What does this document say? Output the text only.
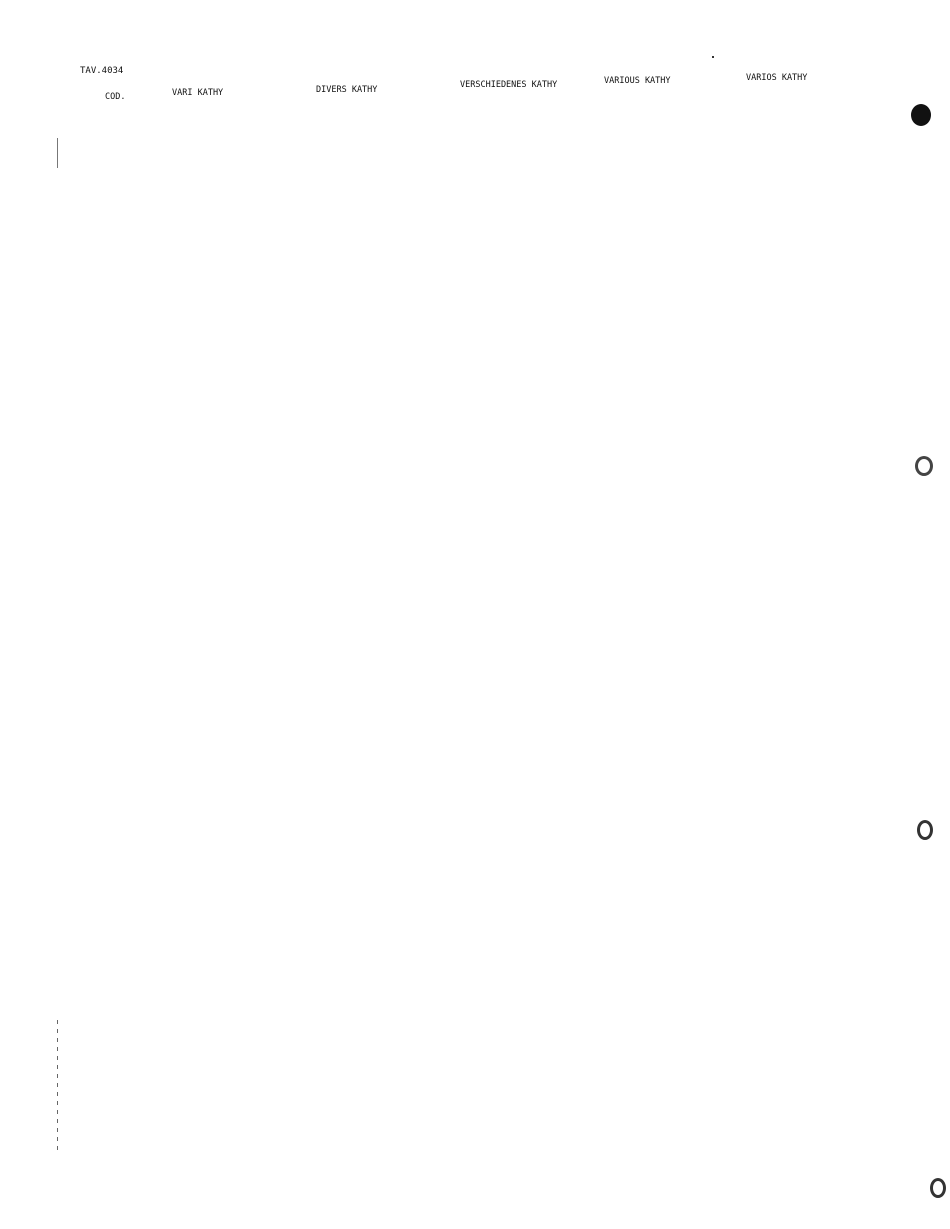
TAV.4034
COD.	VARI KATHY	DIVERS KATHY	VERSCHIEDENES KATHY	VARIOUS KATHY	VARIOS KATHY
